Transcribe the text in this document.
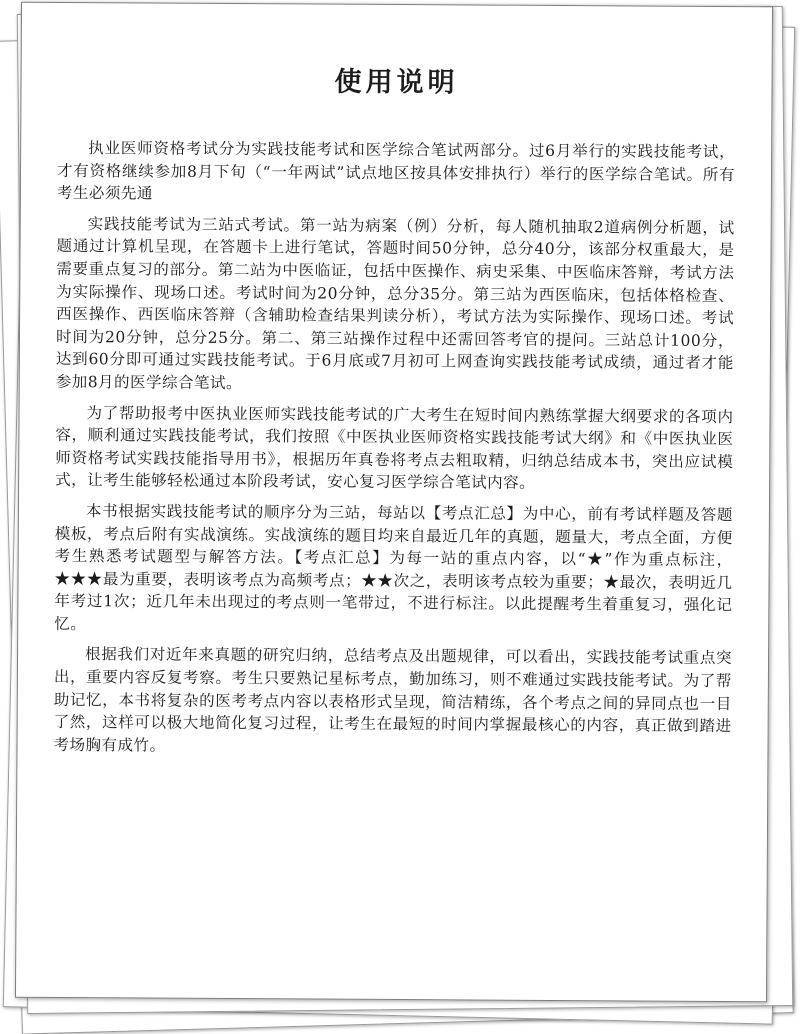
使用说明

执业医师资格考试分为实践技能考试和医学综合笔试两部分。过6月举行的实践技能考试，才有资格继续参加8月下旬（“一年两试”试点地区按具体安排执行）举行的医学综合笔试。所有考生必须先通

实践技能考试为三站式考试。第一站为病案（例）分析，每人随机抽取2道病例分析题，试题通过计算机呈现，在答题卡上进行笔试，答题时间50分钟，总分40分，该部分权重最大，是需要重点复习的部分。第二站为中医临证，包括中医操作、病史采集、中医临床答辩，考试方法为实际操作、现场口述。考试时间为20分钟，总分35分。第三站为西医临床，包括体格检查、西医操作、西医临床答辩（含辅助检查结果判读分析），考试方法为实际操作、现场口述。考试时间为20分钟，总分25分。第二、第三站操作过程中还需回答考官的提问。三站总计100分，达到60分即可通过实践技能考试。于6月底或7月初可上网查询实践技能考试成绩，通过者才能参加8月的医学综合笔试。

为了帮助报考中医执业医师实践技能考试的广大考生在短时间内熟练掌握大纲要求的各项内容，顺利通过实践技能考试，我们按照《中医执业医师资格实践技能考试大纲》和《中医执业医师资格考试实践技能指导用书》，根据历年真卷将考点去粗取精，归纳总结成本书，突出应试模式，让考生能够轻松通过本阶段考试，安心复习医学综合笔试内容。

本书根据实践技能考试的顺序分为三站，每站以【考点汇总】为中心，前有考试样题及答题模板，考点后附有实战演练。实战演练的题目均来自最近几年的真题，题量大，考点全面，方便考生熟悉考试题型与解答方法。【考点汇总】为每一站的重点内容，以“★”作为重点标注，★★★最为重要，表明该考点为高频考点；★★次之，表明该考点较为重要；★最次，表明近几年考过1次；近几年未出现过的考点则一笔带过，不进行标注。以此提醒考生着重复习，强化记忆。

根据我们对近年来真题的研究归纳，总结考点及出题规律，可以看出，实践技能考试重点突出，重要内容反复考察。考生只要熟记星标考点，勤加练习，则不难通过实践技能考试。为了帮助记忆，本书将复杂的医考考点内容以表格形式呈现，简洁精练，各个考点之间的异同点也一目了然，这样可以极大地简化复习过程，让考生在最短的时间内掌握最核心的内容，真正做到踏进考场胸有成竹。
